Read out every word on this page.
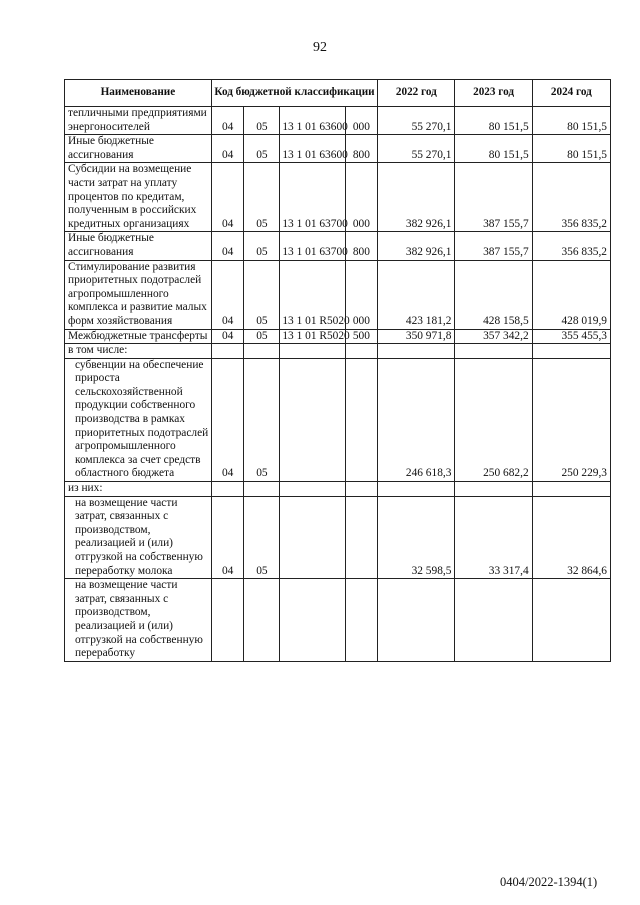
92
Наименование	Код бюджетной классификации				2022 год	2023 год	2024 год
тепличными предприятиями энергоносителей	04	05	13 1 01 63600	000	55 270,1	80 151,5	80 151,5
Иные бюджетные ассигнования	04	05	13 1 01 63600	800	55 270,1	80 151,5	80 151,5
Субсидии на возмещение части затрат на уплату процентов по кредитам, полученным в российских кредитных организациях	04	05	13 1 01 63700	000	382 926,1	387 155,7	356 835,2
Иные бюджетные ассигнования	04	05	13 1 01 63700	800	382 926,1	387 155,7	356 835,2
Стимулирование развития приоритетных подотраслей агропромышленного комплекса и развитие малых форм хозяйствования	04	05	13 1 01 R5020	000	423 181,2	428 158,5	428 019,9
Межбюджетные трансферты	04	05	13 1 01 R5020	500	350 971,8	357 342,2	355 455,3
в том числе:							
субвенции на обеспечение прироста сельскохозяйственной продукции собственного производства в рамках приоритетных подотраслей агропромышленного комплекса за счет средств областного бюджета	04	05			246 618,3	250 682,2	250 229,3
из них:							
на возмещение части затрат, связанных с производством, реализацией и (или) отгрузкой на собственную переработку молока	04	05			32 598,5	33 317,4	32 864,6
на возмещение части затрат, связанных с производством, реализацией и (или) отгрузкой на собственную переработку							
0404/2022-1394(1)
